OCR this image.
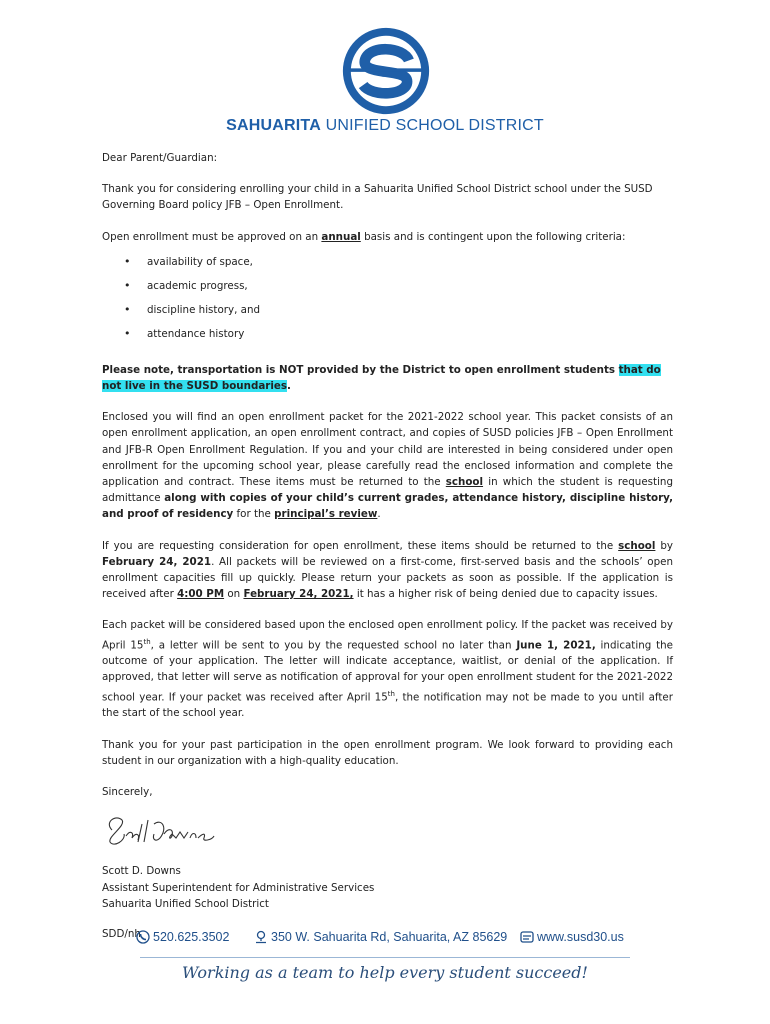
SAHUARITA UNIFIED SCHOOL DISTRICT

Dear Parent/Guardian:

Thank you for considering enrolling your child in a Sahuarita Unified School District school under the SUSD Governing Board policy JFB – Open Enrollment.

Open enrollment must be approved on an annual basis and is contingent upon the following criteria:

• availability of space,
• academic progress,
• discipline history, and
• attendance history

Please note, transportation is NOT provided by the District to open enrollment students that do not live in the SUSD boundaries.

Enclosed you will find an open enrollment packet for the 2021-2022 school year. This packet consists of an open enrollment application, an open enrollment contract, and copies of SUSD policies JFB – Open Enrollment and JFB-R Open Enrollment Regulation. If you and your child are interested in being considered under open enrollment for the upcoming school year, please carefully read the enclosed information and complete the application and contract. These items must be returned to the school in which the student is requesting admittance along with copies of your child’s current grades, attendance history, discipline history, and proof of residency for the principal’s review.

If you are requesting consideration for open enrollment, these items should be returned to the school by February 24, 2021. All packets will be reviewed on a first-come, first-served basis and the schools’ open enrollment capacities fill up quickly. Please return your packets as soon as possible. If the application is received after 4:00 PM on February 24, 2021, it has a higher risk of being denied due to capacity issues.

Each packet will be considered based upon the enclosed open enrollment policy. If the packet was received by April 15th, a letter will be sent to you by the requested school no later than June 1, 2021, indicating the outcome of your application. The letter will indicate acceptance, waitlist, or denial of the application. If approved, that letter will serve as notification of approval for your open enrollment student for the 2021-2022 school year. If your packet was received after April 15th, the notification may not be made to you until after the start of the school year.

Thank you for your past participation in the open enrollment program. We look forward to providing each student in our organization with a high-quality education.

Sincerely,

Scott D. Downs
Assistant Superintendent for Administrative Services
Sahuarita Unified School District
SDD/nh 520.625.3502	350 W. Sahuarita Rd, Sahuarita, AZ 85629 www.susd30.us
Working as a team to help every student succeed!
